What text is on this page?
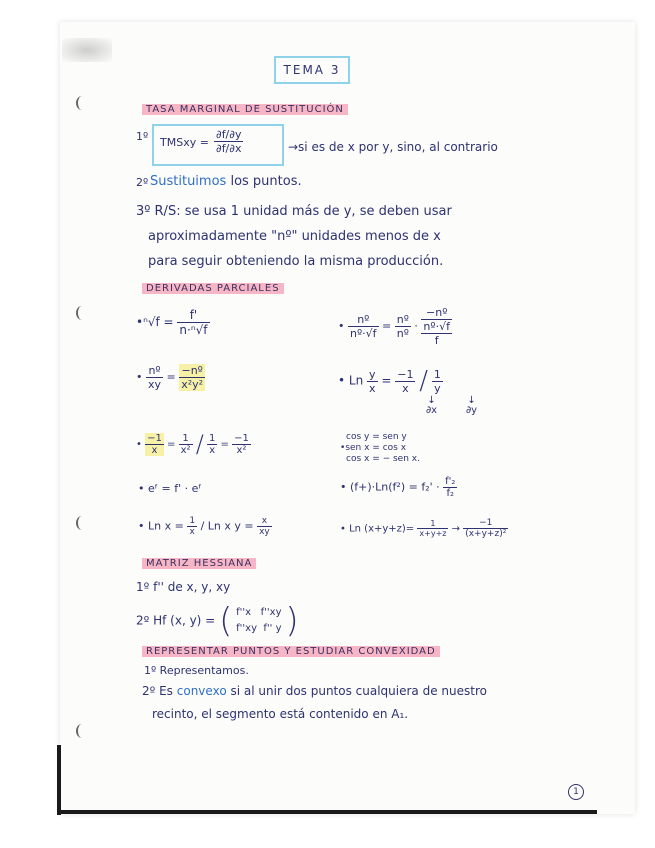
TEMA 3
TASA MARGINAL DE SUSTITUCIÓN
1º TMSxy = $\frac{\partial f/\partial y}{\partial f/\partial x}$	→si es de x por y, sino, al contrario
2º Sustituimos los puntos.
3º R/S: se usa 1 unidad más de y, se deben usar
aproximadamente "nº" unidades menos de x
para seguir obteniendo la misma producción.
DERIVADAS PARCIALES
•ⁿ√f = $\frac{f'}{\text{n·ⁿ√f}}$	• $\frac{\text{nº}}{\text{nº·√f}} = \frac{\text{nº}}{\text{nº}}$ ·
−nº
nº·√f
f
• $\frac{\text{nº}}{xy} = \frac{\text{−nº}}{\text{x²y²}}$	• Ln $\frac{y}{x} = \frac{-1}{x} / \frac{1}{y}$
↓
∂x
↓
∂y
• $\frac{-1}{x} = \frac{1}{\text{x²}} / \frac{1}{x} = \frac{-1}{\text{x²}}$	cos y = sen y
•sen x = cos x
cos x = − sen x.
• eᶠ = f' · eᶠ	• $(f+)\cdot Ln(f^2) = f_2' \cdot \frac{\text{f'₂}}{\text{f₂}}$
• Ln $x = \frac{1}{x} / Ln$ x $y = \frac{x}{xy}$	• Ln $(x+y+z)= \frac{1}{x+y+z} \to \frac{-1}{\text{(x+y+z)²}}$
MATRIZ HESSIANA
1º f'' de x, y, xy
2º Hf (x, y) = ( f''x f''xy
f''xy f'' y )
REPRESENTAR PUNTOS Y ESTUDIAR CONVEXIDAD
1º Representamos.
2º Es convexo si al unir dos puntos cualquiera de nuestro
recinto, el segmento está contenido en A₁.
1
